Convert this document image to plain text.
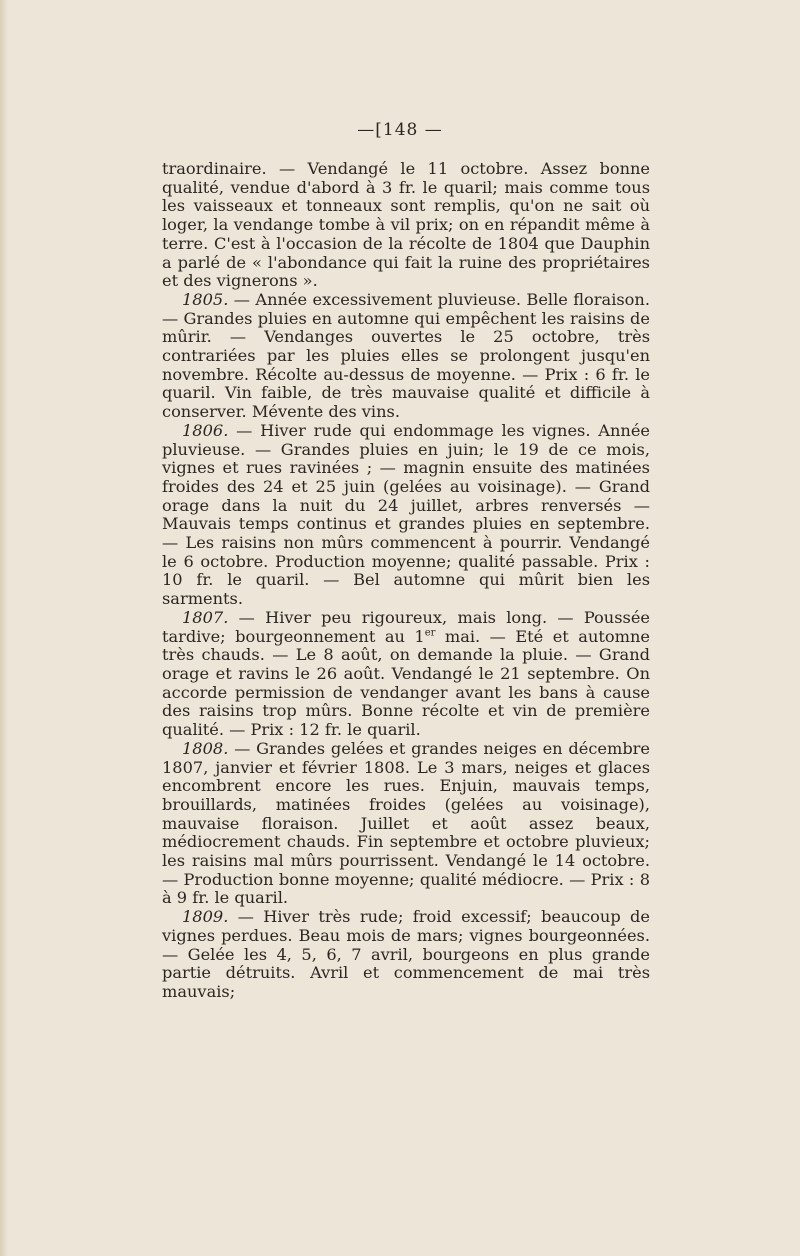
—[148 —

traordinaire. — Vendangé le 11 octobre. Assez bonne qualité, vendue d'abord à 3 fr. le quaril; mais comme tous les vaisseaux et tonneaux sont remplis, qu'on ne sait où loger, la vendange tombe à vil prix; on en répandit même à terre. C'est à l'occasion de la récolte de 1804 que Dauphin a parlé de « l'abondance qui fait la ruine des propriétaires et des vignerons ».

1805. — Année excessivement pluvieuse. Belle floraison. — Grandes pluies en automne qui empêchent les raisins de mûrir. — Vendanges ouvertes le 25 octobre, très contrariées par les pluies elles se prolongent jusqu'en novembre. Récolte au-dessus de moyenne. — Prix : 6 fr. le quaril. Vin faible, de très mauvaise qualité et difficile à conserver. Mévente des vins.

1806. — Hiver rude qui endommage les vignes. Année pluvieuse. — Grandes pluies en juin; le 19 de ce mois, vignes et rues ravinées ; — magnin ensuite des matinées froides des 24 et 25 juin (gelées au voisinage). — Grand orage dans la nuit du 24 juillet, arbres renversés — Mauvais temps continus et grandes pluies en septembre. — Les raisins non mûrs commencent à pourrir. Vendangé le 6 octobre. Production moyenne; qualité passable. Prix : 10 fr. le quaril. — Bel automne qui mûrit bien les sarments.

1807. — Hiver peu rigoureux, mais long. — Poussée tardive; bourgeonnement au 1er mai. — Eté et automne très chauds. — Le 8 août, on demande la pluie. — Grand orage et ravins le 26 août. Vendangé le 21 septembre. On accorde permission de vendanger avant les bans à cause des raisins trop mûrs. Bonne récolte et vin de première qualité. — Prix : 12 fr. le quaril.

1808. — Grandes gelées et grandes neiges en décembre 1807, janvier et février 1808. Le 3 mars, neiges et glaces encombrent encore les rues. Enjuin, mauvais temps, brouillards, matinées froides (gelées au voisinage), mauvaise floraison. Juillet et août assez beaux, médiocrement chauds. Fin septembre et octobre pluvieux; les raisins mal mûrs pourrissent. Vendangé le 14 octobre. — Production bonne moyenne; qualité médiocre. — Prix : 8 à 9 fr. le quaril.

1809. — Hiver très rude; froid excessif; beaucoup de vignes perdues. Beau mois de mars; vignes bourgeonnées. — Gelée les 4, 5, 6, 7 avril, bourgeons en plus grande partie détruits. Avril et commencement de mai très mauvais;
